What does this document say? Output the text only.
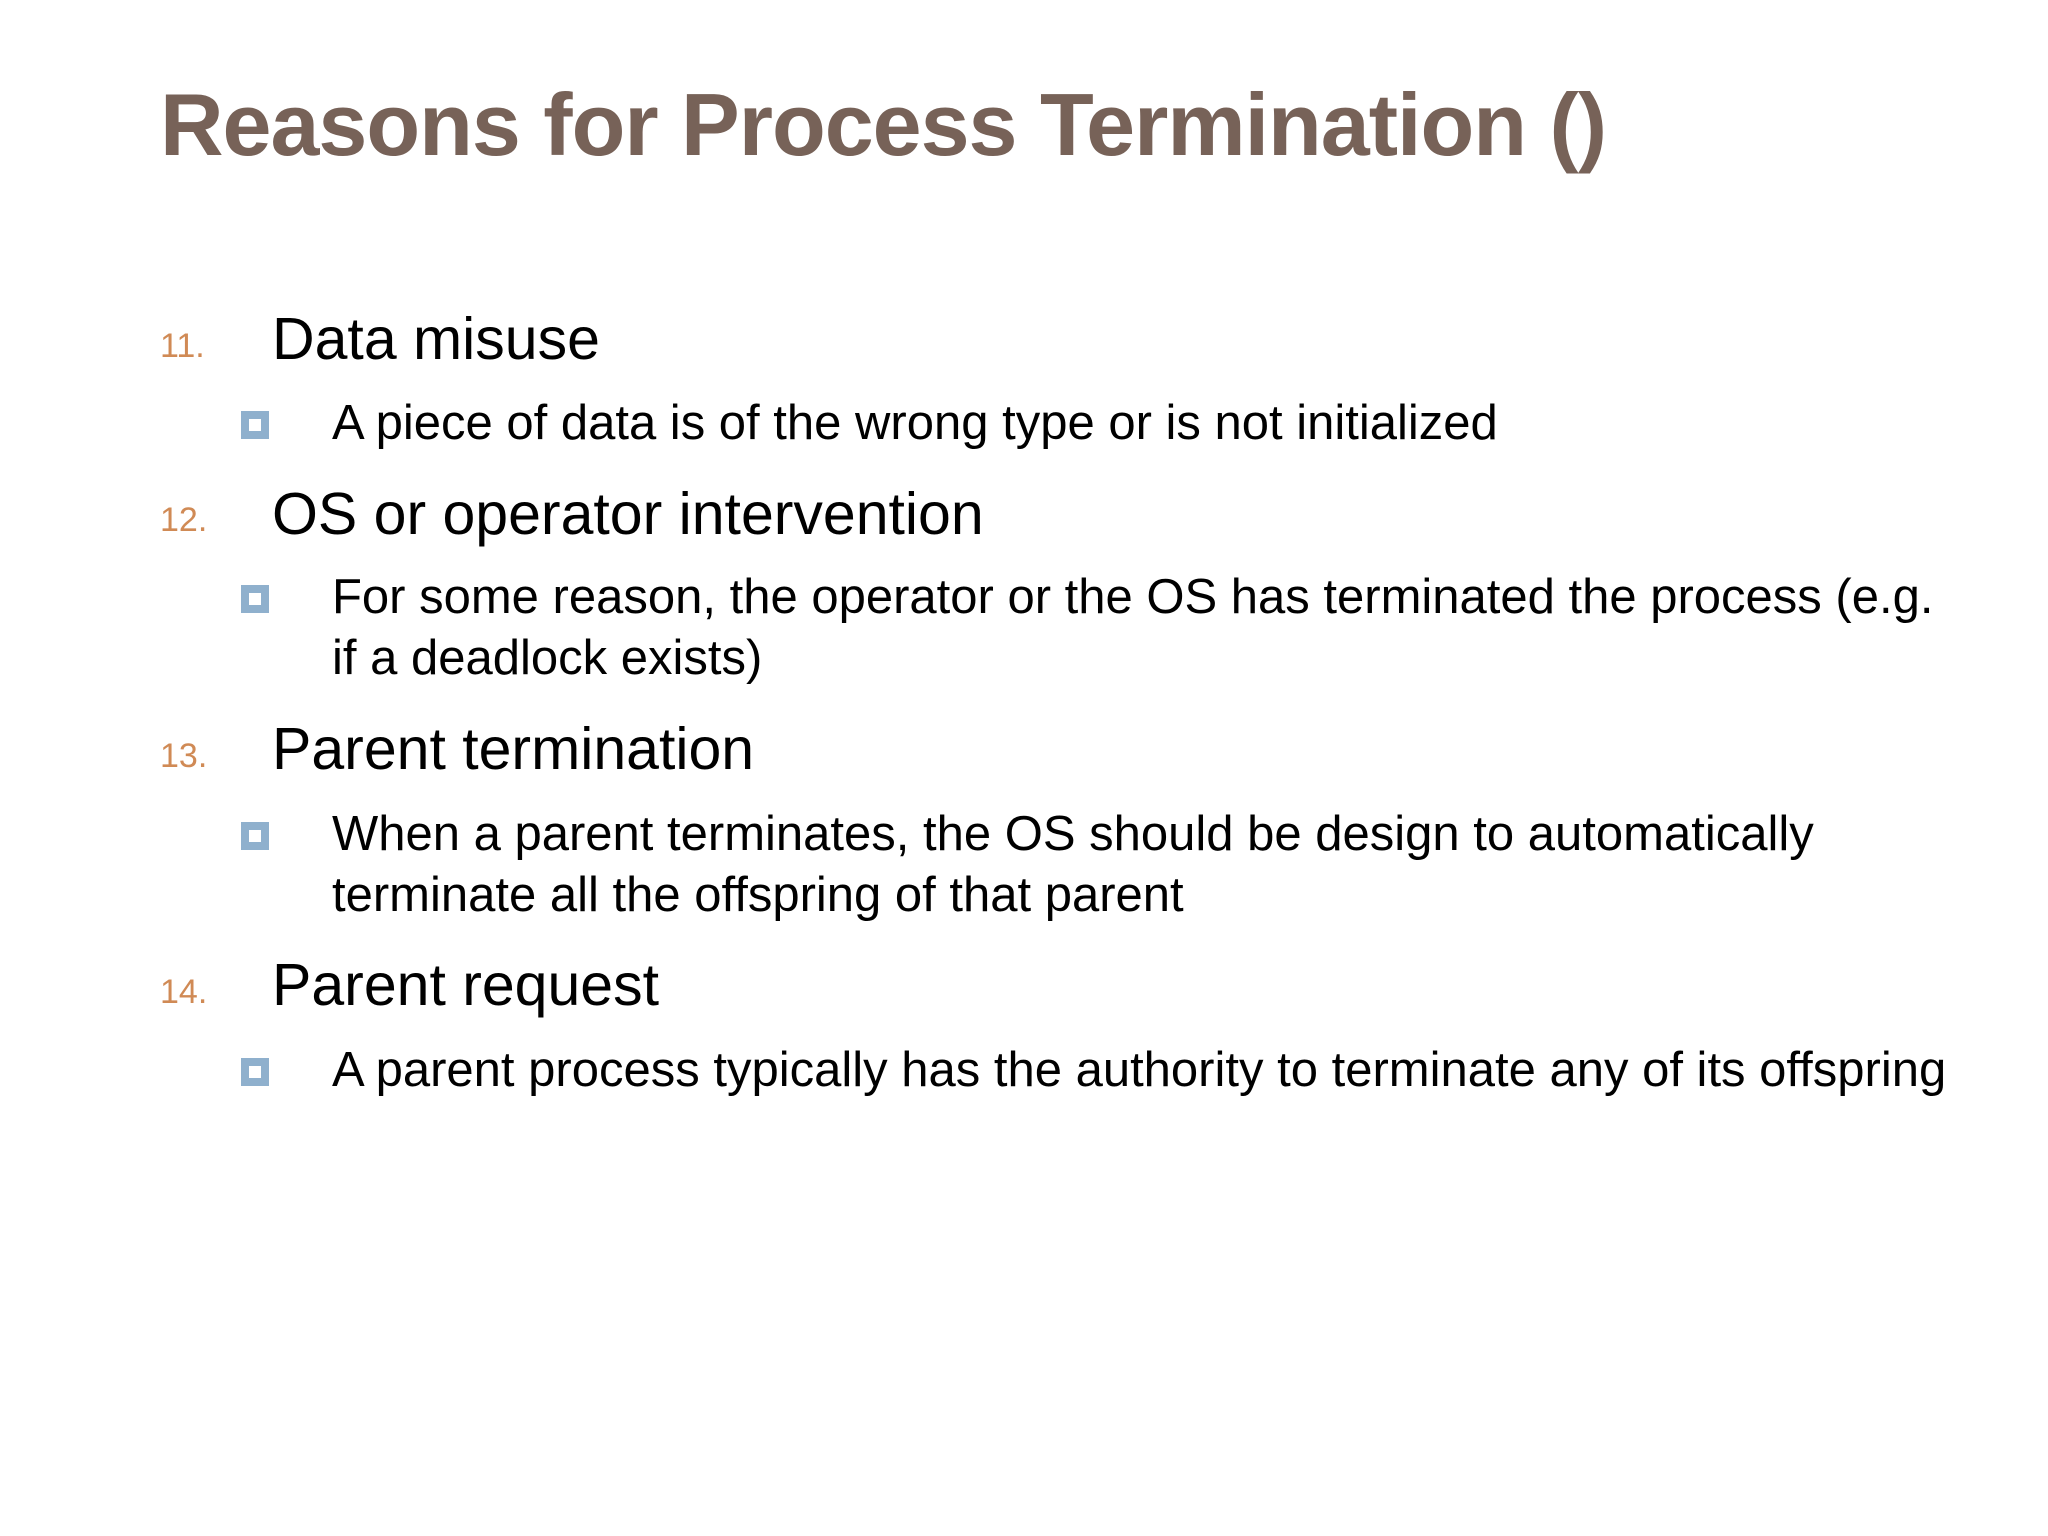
Reasons for Process Termination ()
11. Data misuse
A piece of data is of the wrong type or is not initialized
12. OS or operator intervention
For some reason, the operator or the OS has terminated the process (e.g. if a deadlock exists)
13. Parent termination
When a parent terminates, the OS should be design to automatically terminate all the offspring of that parent
14. Parent request
A parent process typically has the authority to terminate any of its offspring
